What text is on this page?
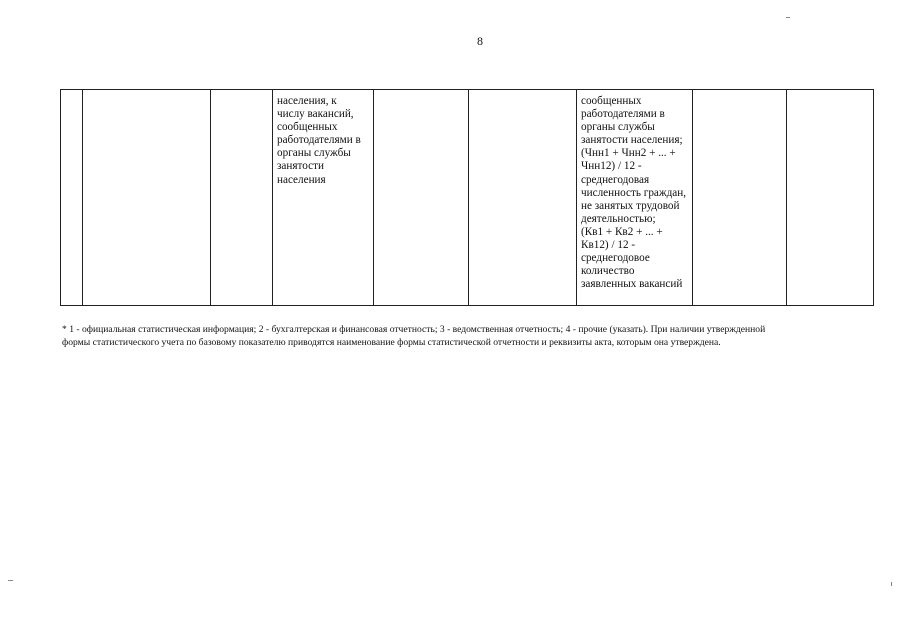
8
			населения, к
числу вакансий,
сообщенных
работодателями в
органы службы
занятости
населения			сообщенных
работодателями в
органы службы
занятости населения;
(Чнн1 + Чнн2 + ... +
Чнн12) / 12 -
среднегодовая
численность граждан,
не занятых трудовой
деятельностью;
(Кв1 + Кв2 + ... +
Кв12) / 12 -
среднегодовое
количество
заявленных вакансий		
* 1 - официальная статистическая информация; 2 - бухгалтерская и финансовая отчетность; 3 - ведомственная отчетность; 4 - прочие (указать). При наличии утвержденной
формы статистического учета по базовому показателю приводятся наименование формы статистической отчетности и реквизиты акта, которым она утверждена.
